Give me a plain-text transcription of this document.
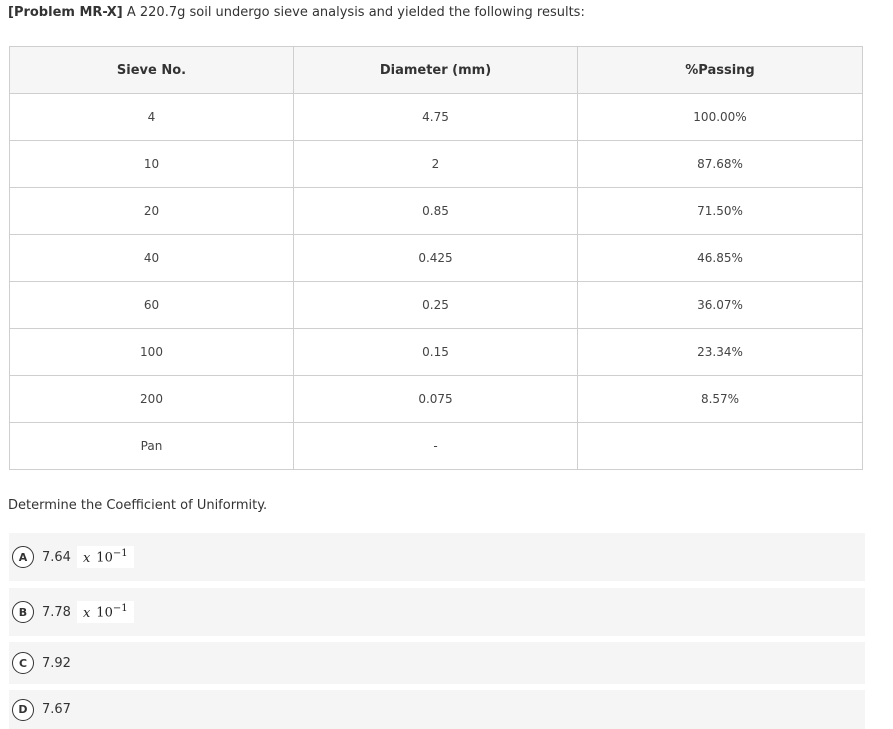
[Problem MR-X] A 220.7g soil undergo sieve analysis and yielded the following results:
Sieve No.	Diameter (mm)	%Passing
4	4.75	100.00%
10	2	87.68%
20	0.85	71.50%
40	0.425	46.85%
60	0.25	36.07%
100	0.15	23.34%
200	0.075	8.57%
Pan	-	
Determine the Coefficient of Uniformity.
A	7.64 x $10^{-1}$
B	7.78 x $10^{-1}$
C	7.92
D	7.67
